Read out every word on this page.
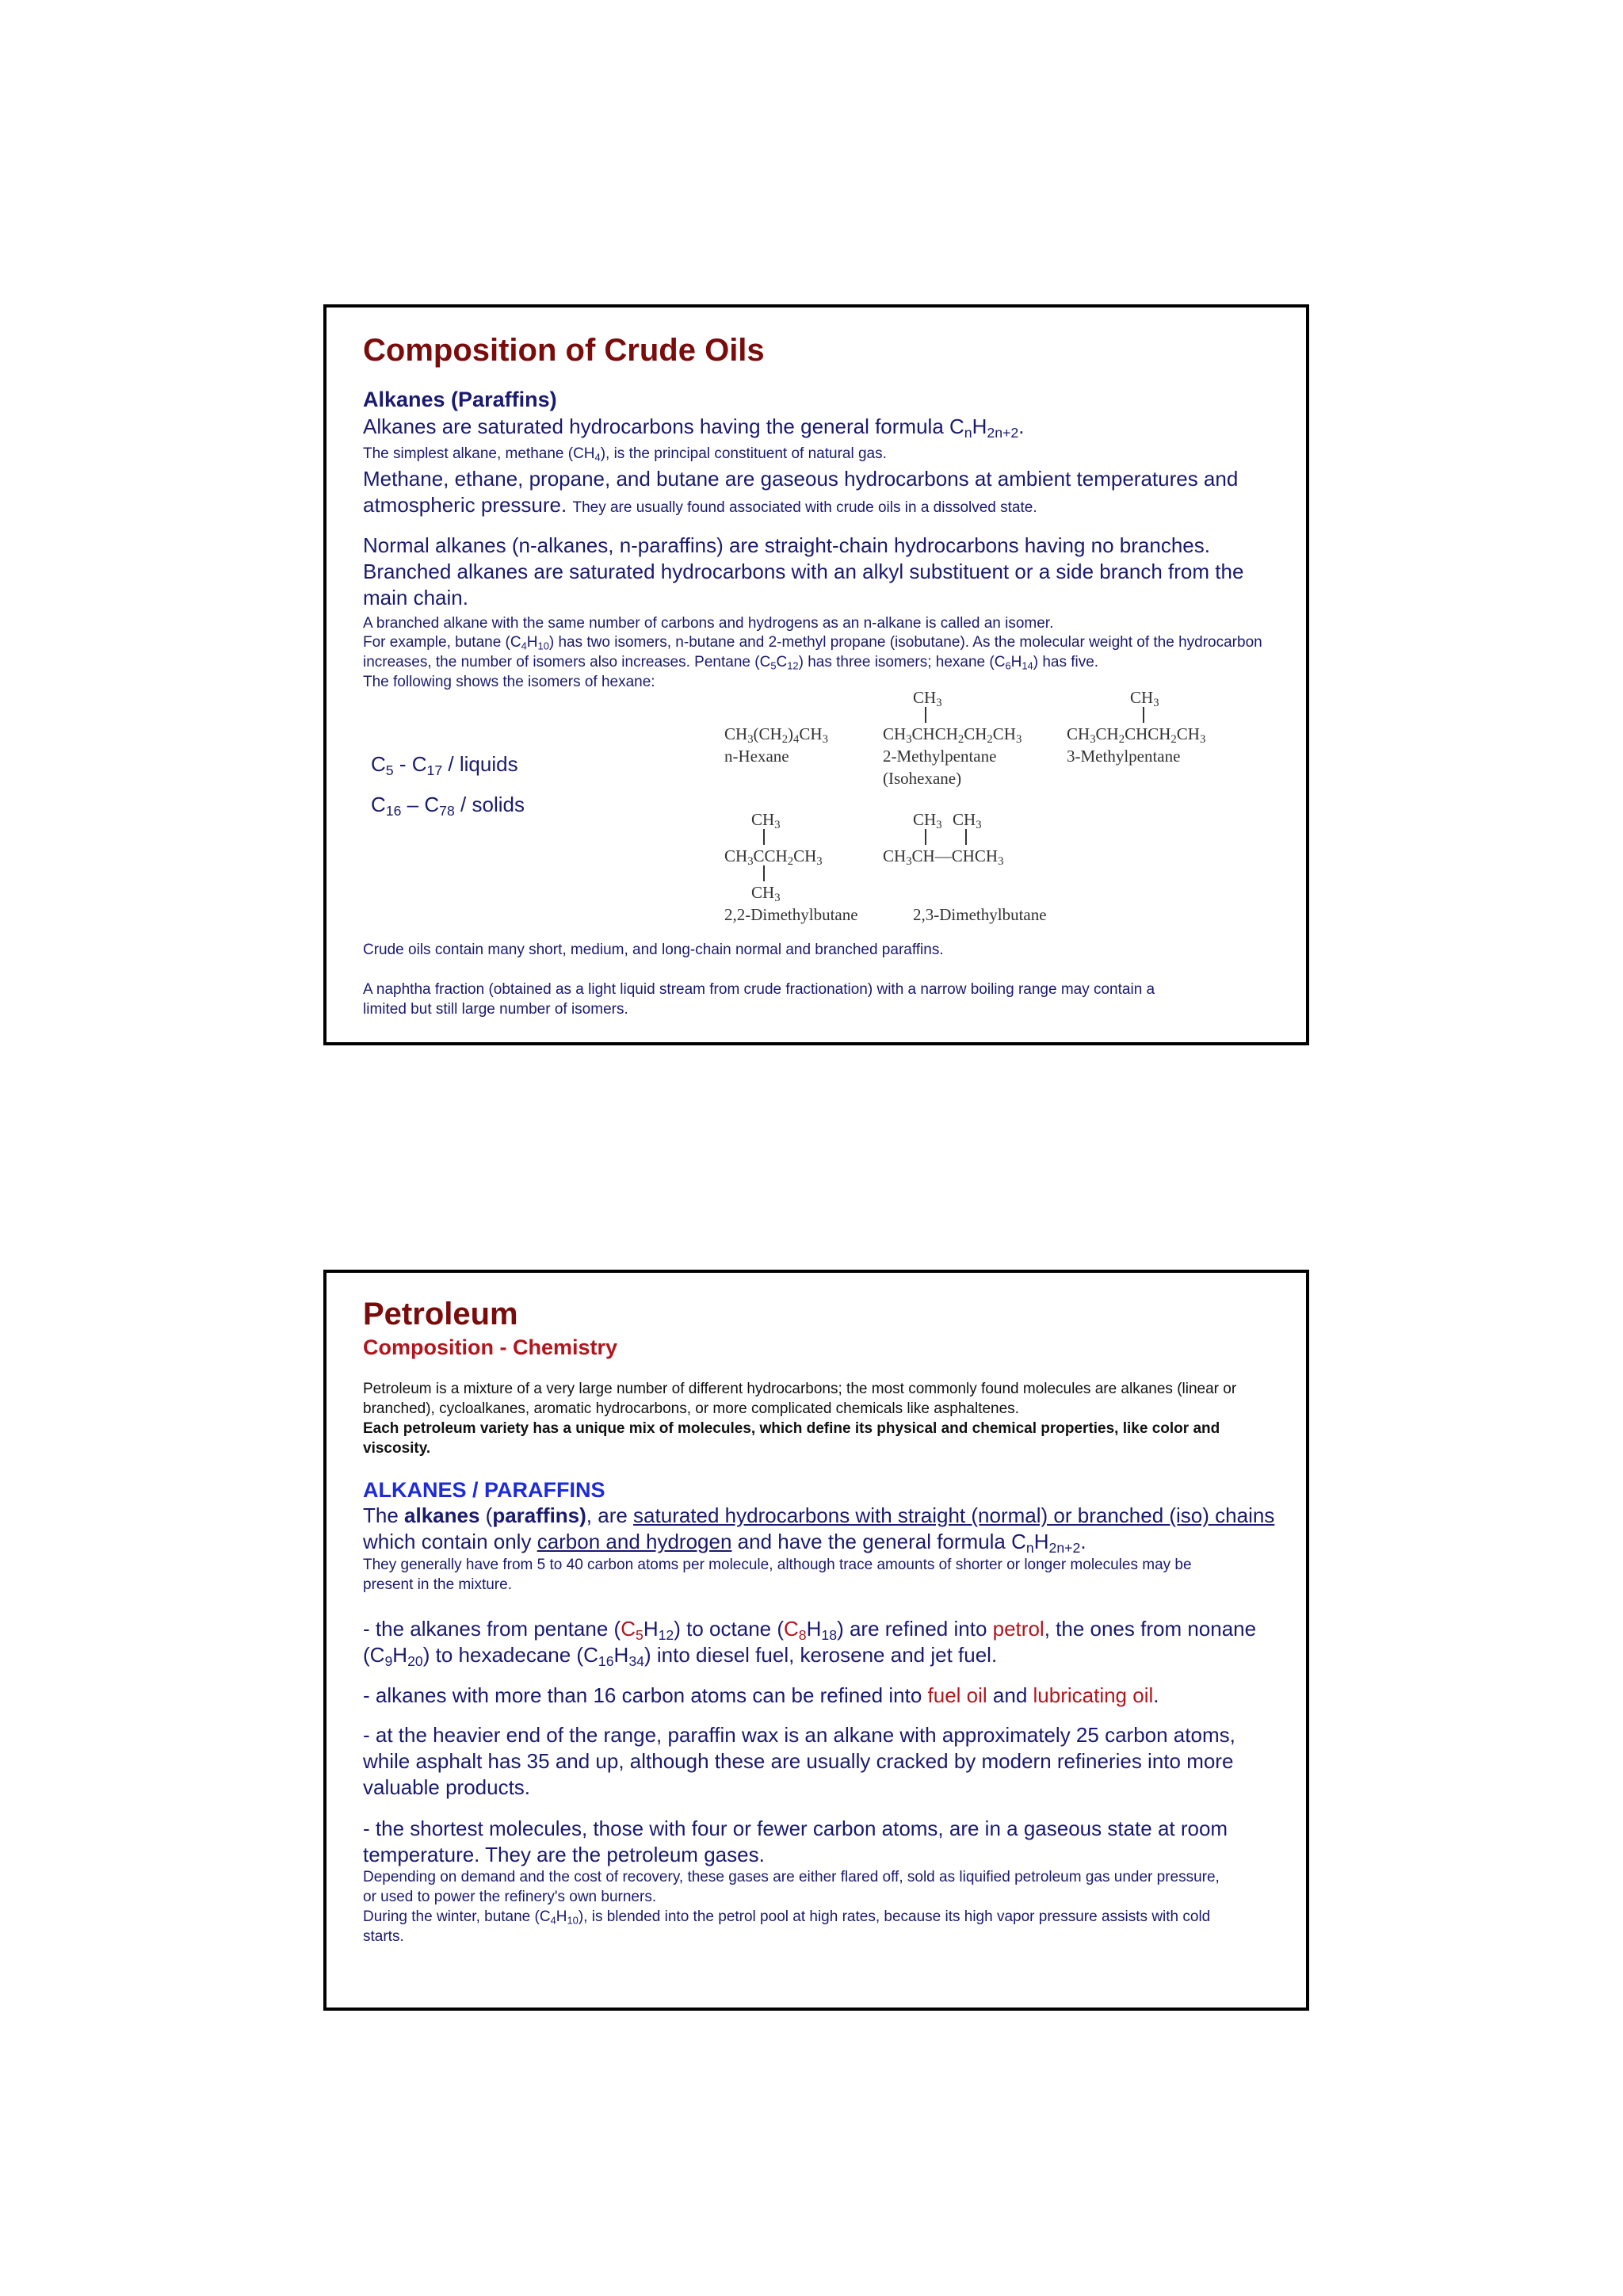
Composition of Crude Oils
Alkanes (Paraffins)
Alkanes are saturated hydrocarbons having the general formula $C_nH_{2n+2}$.
The simplest alkane, methane $(CH_4)$, is the principal constituent of natural gas.
Methane, ethane, propane, and butane are gaseous hydrocarbons at ambient temperatures and atmospheric pressure. They are usually found associated with crude oils in a dissolved state.
Normal alkanes (n-alkanes, n-paraffins) are straight-chain hydrocarbons having no branches. Branched alkanes are saturated hydrocarbons with an alkyl substituent or a side branch from the main chain.
A branched alkane with the same number of carbons and hydrogens as an n-alkane is called an isomer.
For example, butane $(C_4H_{10})$ has two isomers, n-butane and 2-methyl propane (isobutane). As the molecular weight of the hydrocarbon increases, the number of isomers also increases. Pentane $(C_5C_{12})$ has three isomers; hexane $(C_6H_{14})$ has five.
The following shows the isomers of hexane:
$C_5 - C_{17}$ / liquids
$C_{16} - C_{78}$ / solids
$CH_3(CH_2)_4CH_3$
n-Hexane
$CH_3$
$CH_3CHCH_2CH_2CH_3$
2-Methylpentane
(Isohexane)
$CH_3$
$CH_3CH_2CHCH_2CH_3$
3-Methylpentane
$CH_3$
$CH_3CCH_2CH_3$
$CH_3$
2,2-Dimethylbutane
$CH_3$ $CH_3$
$CH_3CH—CHCH_3$
2,3-Dimethylbutane
Crude oils contain many short, medium, and long-chain normal and branched paraffins.
A naphtha fraction (obtained as a light liquid stream from crude fractionation) with a narrow boiling range may contain a limited but still large number of isomers.
Petroleum
Composition - Chemistry
Petroleum is a mixture of a very large number of different hydrocarbons; the most commonly found molecules are alkanes (linear or branched), cycloalkanes, aromatic hydrocarbons, or more complicated chemicals like asphaltenes.
Each petroleum variety has a unique mix of molecules, which define its physical and chemical properties, like color and viscosity.
ALKANES / PARAFFINS
The alkanes (paraffins), are saturated hydrocarbons with straight (normal) or branched (iso) chains which contain only carbon and hydrogen and have the general formula $C_nH_{2n+2}$.
They generally have from 5 to 40 carbon atoms per molecule, although trace amounts of shorter or longer molecules may be present in the mixture.
- the alkanes from pentane $(C_5H_{12})$ to octane $(C_8H_{18})$ are refined into petrol, the ones from nonane $(C_9H_{20})$ to hexadecane $(C_{16}H_{34})$ into diesel fuel, kerosene and jet fuel.
- alkanes with more than 16 carbon atoms can be refined into fuel oil and lubricating oil.
- at the heavier end of the range, paraffin wax is an alkane with approximately 25 carbon atoms, while asphalt has 35 and up, although these are usually cracked by modern refineries into more valuable products.
- the shortest molecules, those with four or fewer carbon atoms, are in a gaseous state at room temperature. They are the petroleum gases.
Depending on demand and the cost of recovery, these gases are either flared off, sold as liquified petroleum gas under pressure, or used to power the refinery's own burners.
During the winter, butane $(C_4H_{10})$, is blended into the petrol pool at high rates, because its high vapor pressure assists with cold starts.
